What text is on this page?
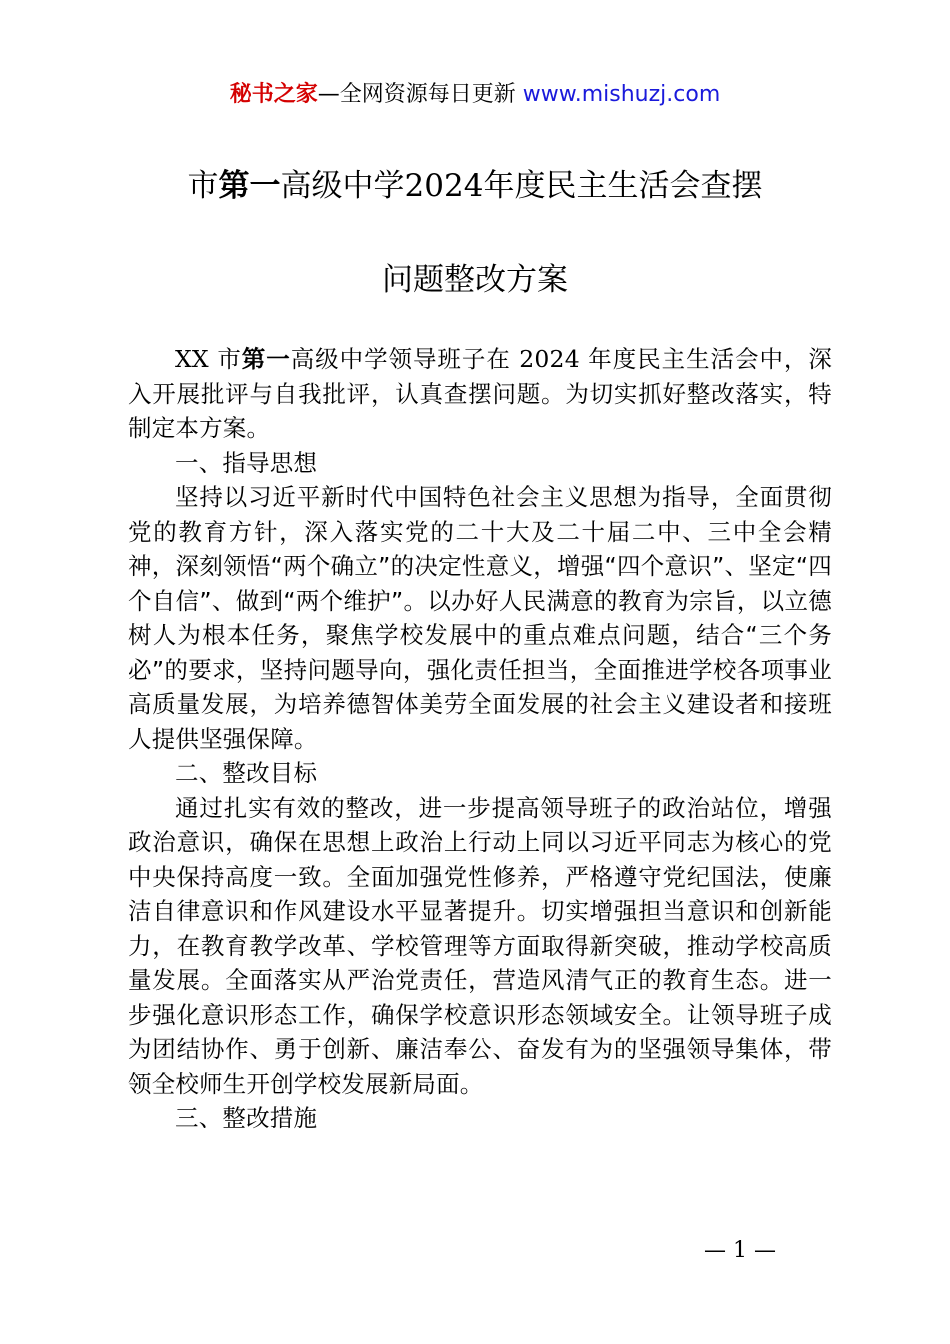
秘书之家—全网资源每日更新 www.mishuzj.com
市第一高级中学2024年度民主生活会查摆
问题整改方案

XX 市第一高级中学领导班子在 2024 年度民主生活会中，深入开展批评与自我批评，认真查摆问题。为切实抓好整改落实，特制定本方案。

一、指导思想

坚持以习近平新时代中国特色社会主义思想为指导，全面贯彻党的教育方针，深入落实党的二十大及二十届二中、三中全会精神，深刻领悟“两个确立”的决定性意义，增强“四个意识”、坚定“四个自信”、做到“两个维护”。以办好人民满意的教育为宗旨，以立德树人为根本任务，聚焦学校发展中的重点难点问题，结合“三个务必”的要求，坚持问题导向，强化责任担当，全面推进学校各项事业高质量发展，为培养德智体美劳全面发展的社会主义建设者和接班人提供坚强保障。

二、整改目标

通过扎实有效的整改，进一步提高领导班子的政治站位，增强政治意识，确保在思想上政治上行动上同以习近平同志为核心的党中央保持高度一致。全面加强党性修养，严格遵守党纪国法，使廉洁自律意识和作风建设水平显著提升。切实增强担当意识和创新能力，在教育教学改革、学校管理等方面取得新突破，推动学校高质量发展。全面落实从严治党责任，营造风清气正的教育生态。进一步强化意识形态工作，确保学校意识形态领域安全。让领导班子成为团结协作、勇于创新、廉洁奉公、奋发有为的坚强领导集体，带领全校师生开创学校发展新局面。

三、整改措施

— 1 —
